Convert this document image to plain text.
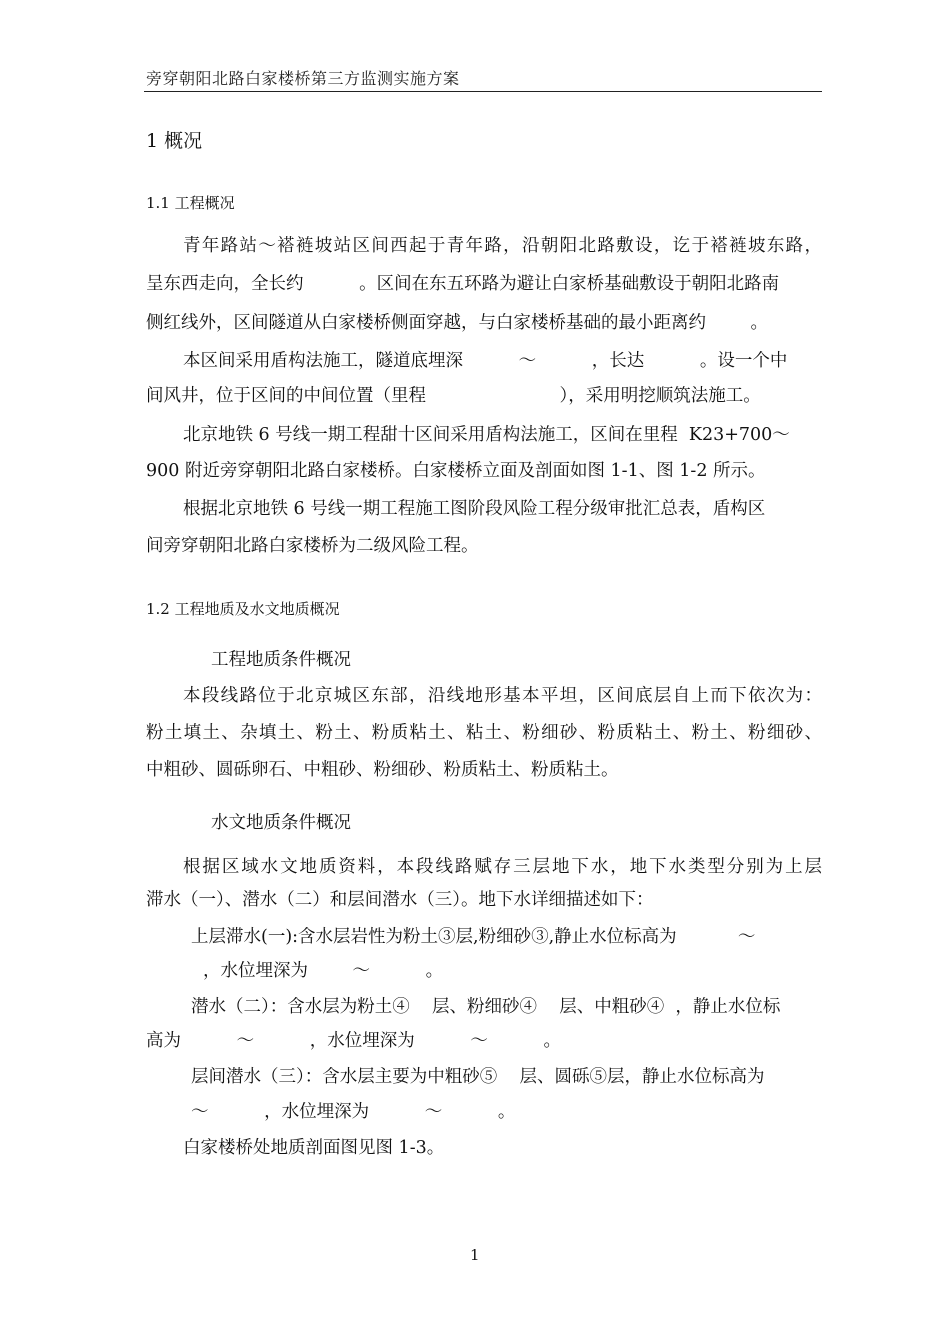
旁穿朝阳北路白家楼桥第三方监测实施方案
1 概况
1.1 工程概况
青年路站～褡裢坡站区间西起于青年路，沿朝阳北路敷设，讫于褡裢坡东路，
呈东西走向，全长约          。区间在东五环路为避让白家桥基础敷设于朝阳北路南
侧红线外，区间隧道从白家楼桥侧面穿越，与白家楼桥基础的最小距离约        。
本区间采用盾构法施工，隧道底埋深          ～          ，长达          。设一个中
间风井，位于区间的中间位置（里程                        ），采用明挖顺筑法施工。
北京地铁 6 号线一期工程甜十区间采用盾构法施工，区间在里程  K23+700～
900 附近旁穿朝阳北路白家楼桥。白家楼桥立面及剖面如图 1-1、图 1-2 所示。
根据北京地铁 6 号线一期工程施工图阶段风险工程分级审批汇总表，盾构区
间旁穿朝阳北路白家楼桥为二级风险工程。
1.2 工程地质及水文地质概况
工程地质条件概况
本段线路位于北京城区东部，沿线地形基本平坦，区间底层自上而下依次为：
粉土填土、杂填土、粉土、粉质粘土、粘土、粉细砂、粉质粘土、粉土、粉细砂、
中粗砂、圆砾卵石、中粗砂、粉细砂、粉质粘土、粉质粘土。
水文地质条件概况
根据区域水文地质资料，本段线路赋存三层地下水，地下水类型分别为上层
滞水（一）、潜水（二）和层间潜水（三）。地下水详细描述如下：
上层滞水(一):含水层岩性为粉土③层,粉细砂③,静止水位标高为           ～
，水位埋深为        ～          。
潜水（二）：含水层为粉土④    层、粉细砂④    层、中粗砂④  ，静止水位标
高为          ～          ，水位埋深为          ～          。
层间潜水（三）：含水层主要为中粗砂⑤    层、圆砾⑤层，静止水位标高为
～          ，水位埋深为          ～          。
白家楼桥处地质剖面图见图 1-3。
1
